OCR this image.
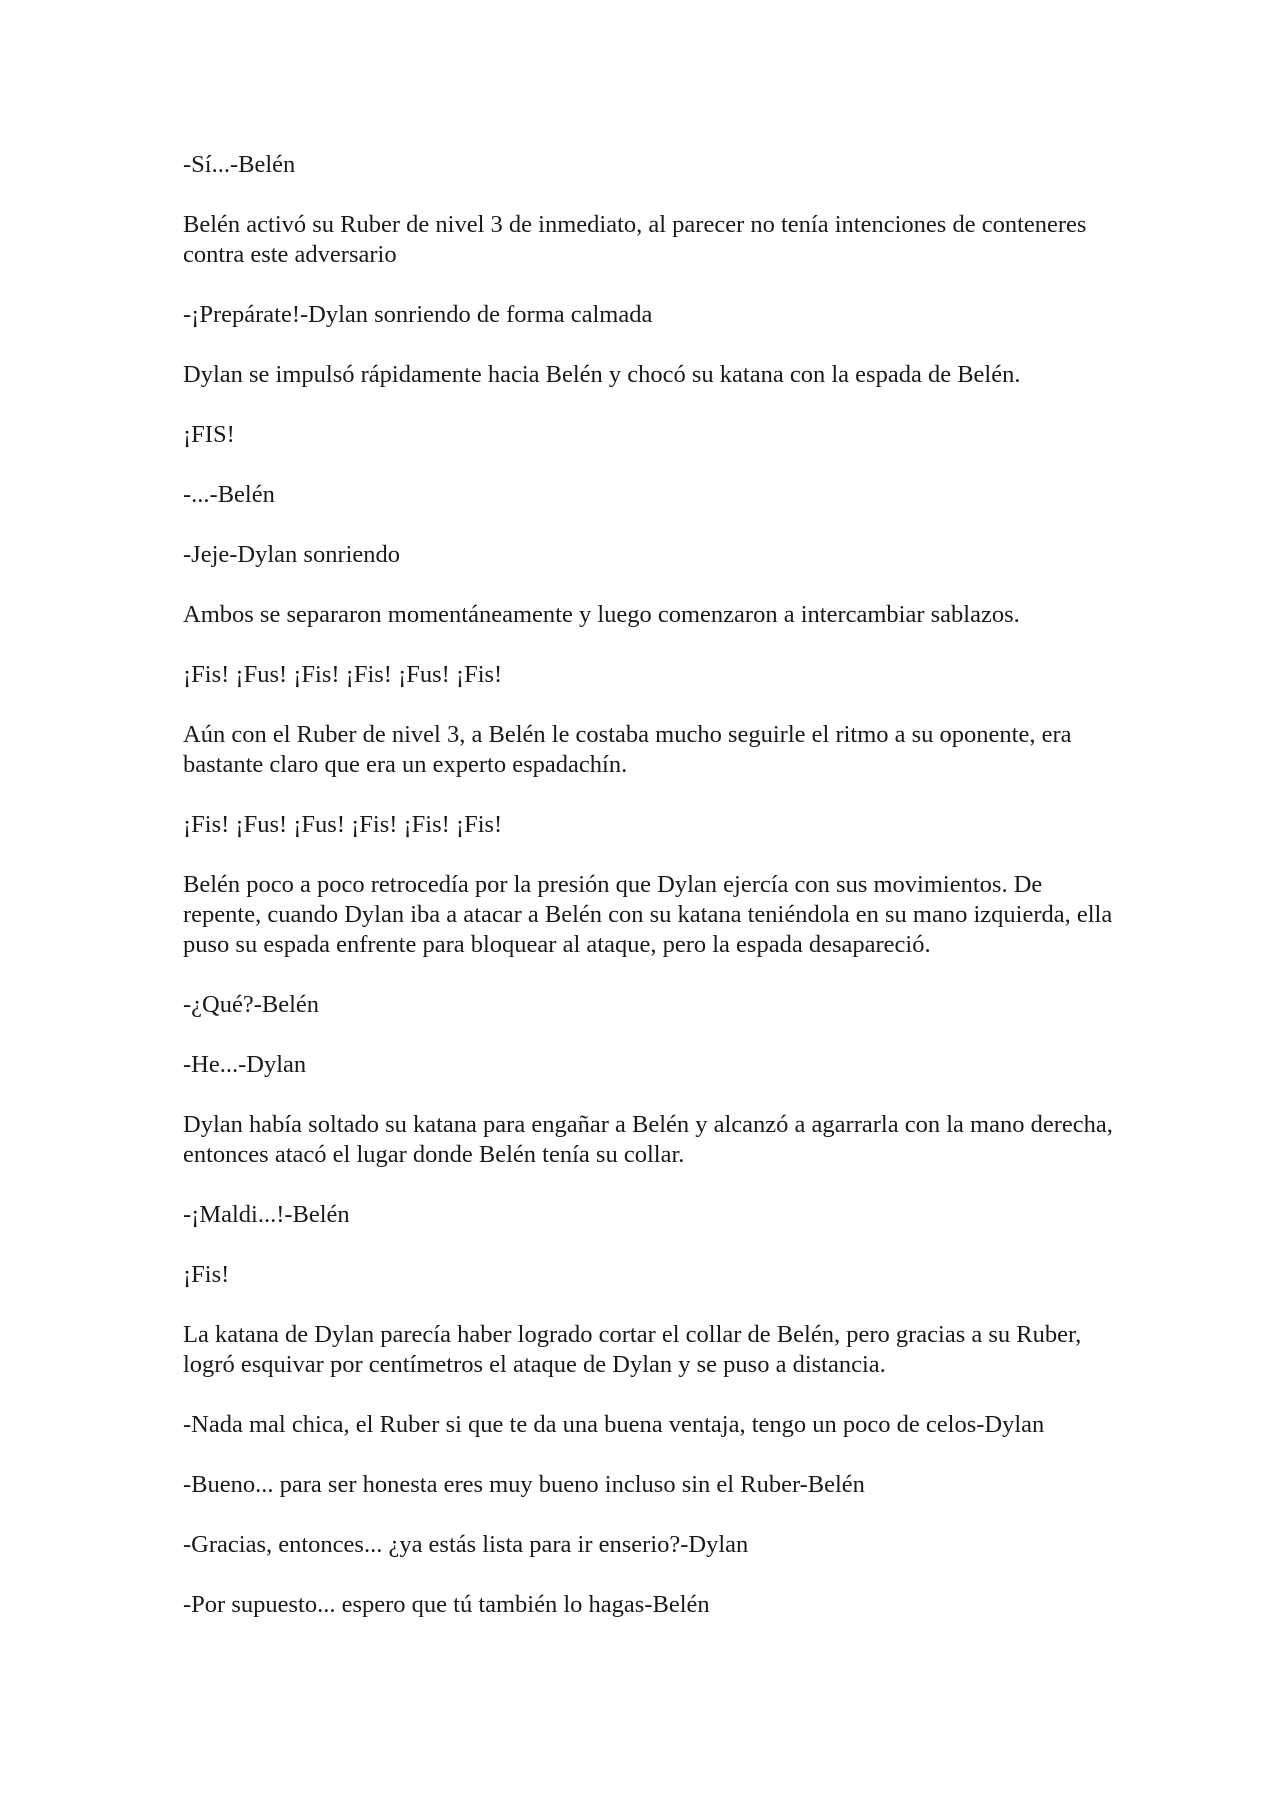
-Sí...-Belén

Belén activó su Ruber de nivel 3 de inmediato, al parecer no tenía intenciones de conteneres contra este adversario

-¡Prepárate!-Dylan sonriendo de forma calmada

Dylan se impulsó rápidamente hacia Belén y chocó su katana con la espada de Belén.

¡FIS!

-...-Belén

-Jeje-Dylan sonriendo

Ambos se separaron momentáneamente y luego comenzaron a intercambiar sablazos.

¡Fis! ¡Fus! ¡Fis! ¡Fis! ¡Fus! ¡Fis!

Aún con el Ruber de nivel 3, a Belén le costaba mucho seguirle el ritmo a su oponente, era bastante claro que era un experto espadachín.

¡Fis! ¡Fus! ¡Fus! ¡Fis! ¡Fis! ¡Fis!

Belén poco a poco retrocedía por la presión que Dylan ejercía con sus movimientos. De repente, cuando Dylan iba a atacar a Belén con su katana teniéndola en su mano izquierda, ella puso su espada enfrente para bloquear al ataque, pero la espada desapareció.

-¿Qué?-Belén

-He...-Dylan

Dylan había soltado su katana para engañar a Belén y alcanzó a agarrarla con la mano derecha, entonces atacó el lugar donde Belén tenía su collar.

-¡Maldi...!-Belén

¡Fis!

La katana de Dylan parecía haber logrado cortar el collar de Belén, pero gracias a su Ruber, logró esquivar por centímetros el ataque de Dylan y se puso a distancia.

-Nada mal chica, el Ruber si que te da una buena ventaja, tengo un poco de celos-Dylan

-Bueno... para ser honesta eres muy bueno incluso sin el Ruber-Belén

-Gracias, entonces... ¿ya estás lista para ir enserio?-Dylan

-Por supuesto... espero que tú también lo hagas-Belén
